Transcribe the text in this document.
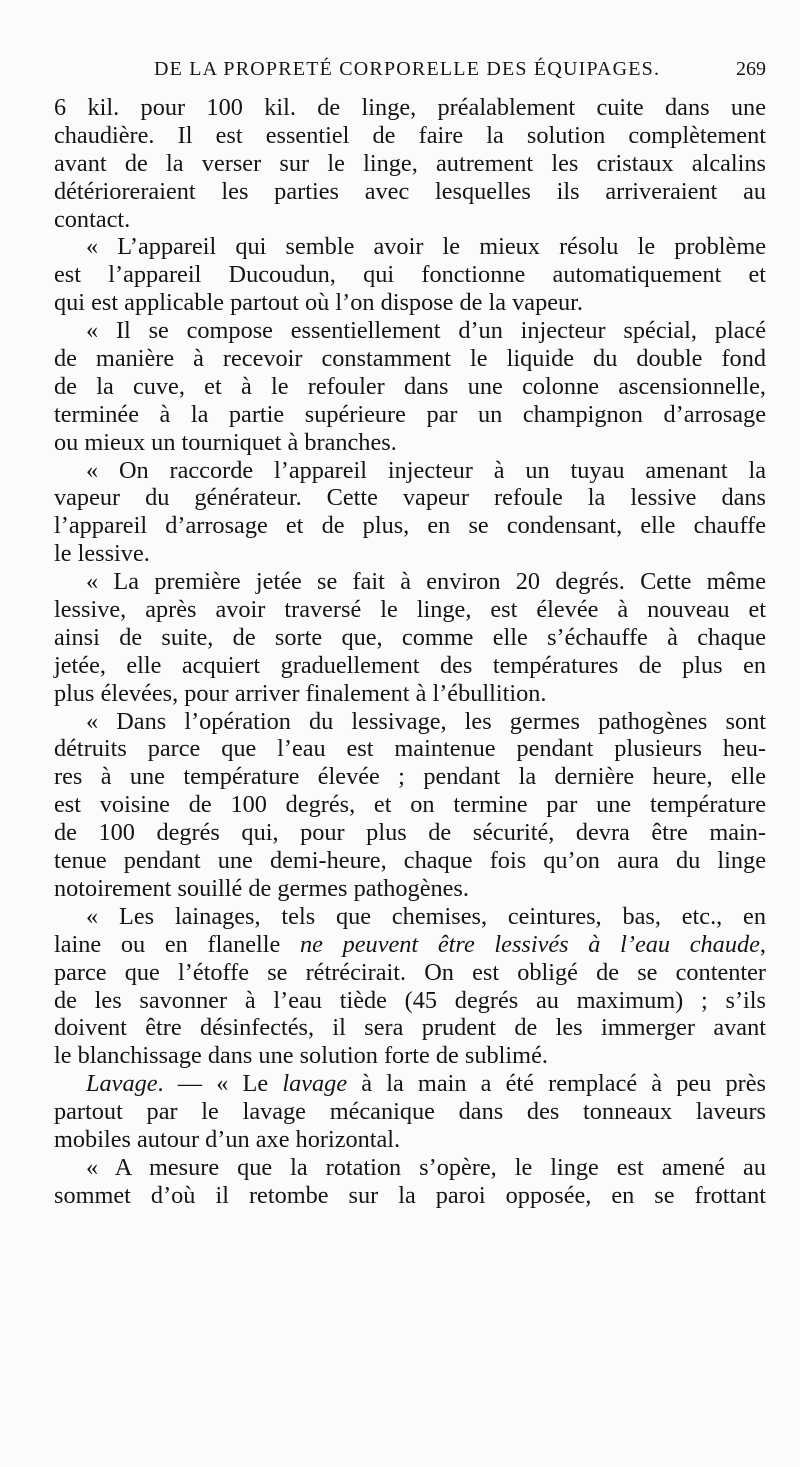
DE LA PROPRETÉ CORPORELLE DES ÉQUIPAGES.	269
6 kil. pour 100 kil. de linge, préalablement cuite dans une
chaudière. Il est essentiel de faire la solution complètement
avant de la verser sur le linge, autrement les cristaux alcalins
détérioreraient les parties avec lesquelles ils arriveraient au
contact.
« L’appareil qui semble avoir le mieux résolu le problème
est l’appareil Ducoudun, qui fonctionne automatiquement et
qui est applicable partout où l’on dispose de la vapeur.
« Il se compose essentiellement d’un injecteur spécial, placé
de manière à recevoir constamment le liquide du double fond
de la cuve, et à le refouler dans une colonne ascensionnelle,
terminée à la partie supérieure par un champignon d’arrosage
ou mieux un tourniquet à branches.
« On raccorde l’appareil injecteur à un tuyau amenant la
vapeur du générateur. Cette vapeur refoule la lessive dans
l’appareil d’arrosage et de plus, en se condensant, elle chauffe
le lessive.
« La première jetée se fait à environ 20 degrés. Cette même
lessive, après avoir traversé le linge, est élevée à nouveau et
ainsi de suite, de sorte que, comme elle s’échauffe à chaque
jetée, elle acquiert graduellement des températures de plus en
plus élevées, pour arriver finalement à l’ébullition.
« Dans l’opération du lessivage, les germes pathogènes sont
détruits parce que l’eau est maintenue pendant plusieurs heu-
res à une température élevée ; pendant la dernière heure, elle
est voisine de 100 degrés, et on termine par une température
de 100 degrés qui, pour plus de sécurité, devra être main-
tenue pendant une demi-heure, chaque fois qu’on aura du linge
notoirement souillé de germes pathogènes.
« Les lainages, tels que chemises, ceintures, bas, etc., en
laine ou en flanelle ne peuvent être lessivés à l’eau chaude,
parce que l’étoffe se rétrécirait. On est obligé de se contenter
de les savonner à l’eau tiède (45 degrés au maximum) ; s’ils
doivent être désinfectés, il sera prudent de les immerger avant
le blanchissage dans une solution forte de sublimé.
Lavage. — « Le lavage à la main a été remplacé à peu près
partout par le lavage mécanique dans des tonneaux laveurs
mobiles autour d’un axe horizontal.
« A mesure que la rotation s’opère, le linge est amené au
sommet d’où il retombe sur la paroi opposée, en se frottant
